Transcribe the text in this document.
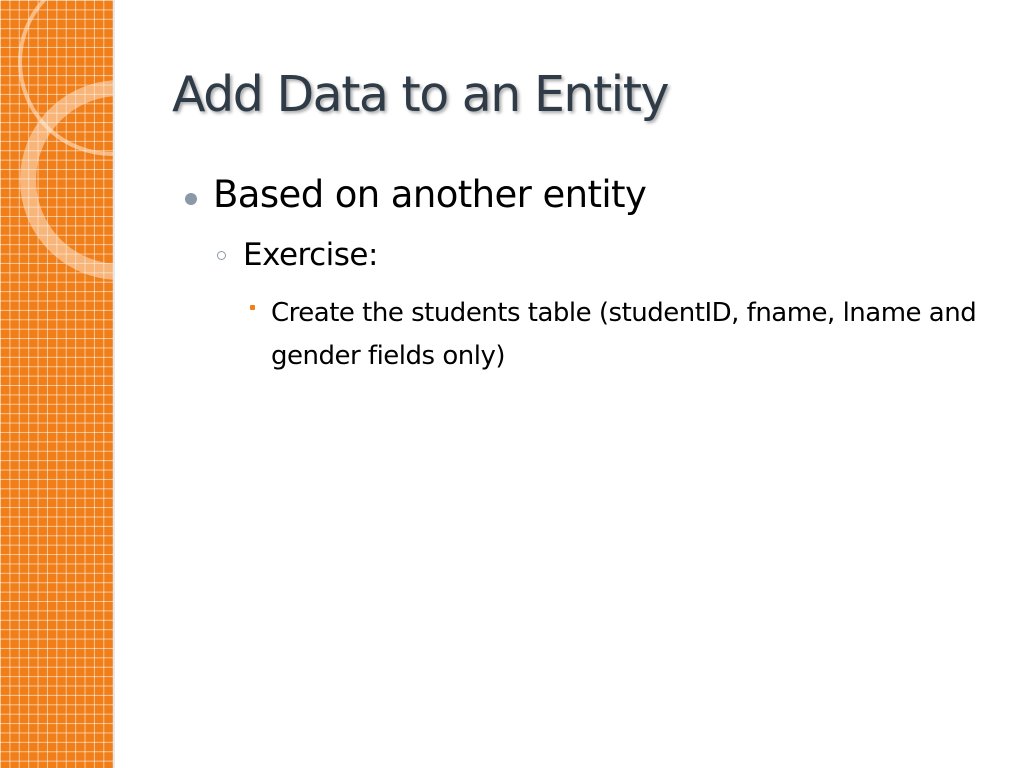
Add Data to an Entity
Based on another entity
Exercise:
Create the students table (studentID, fname, lname and gender fields only)
